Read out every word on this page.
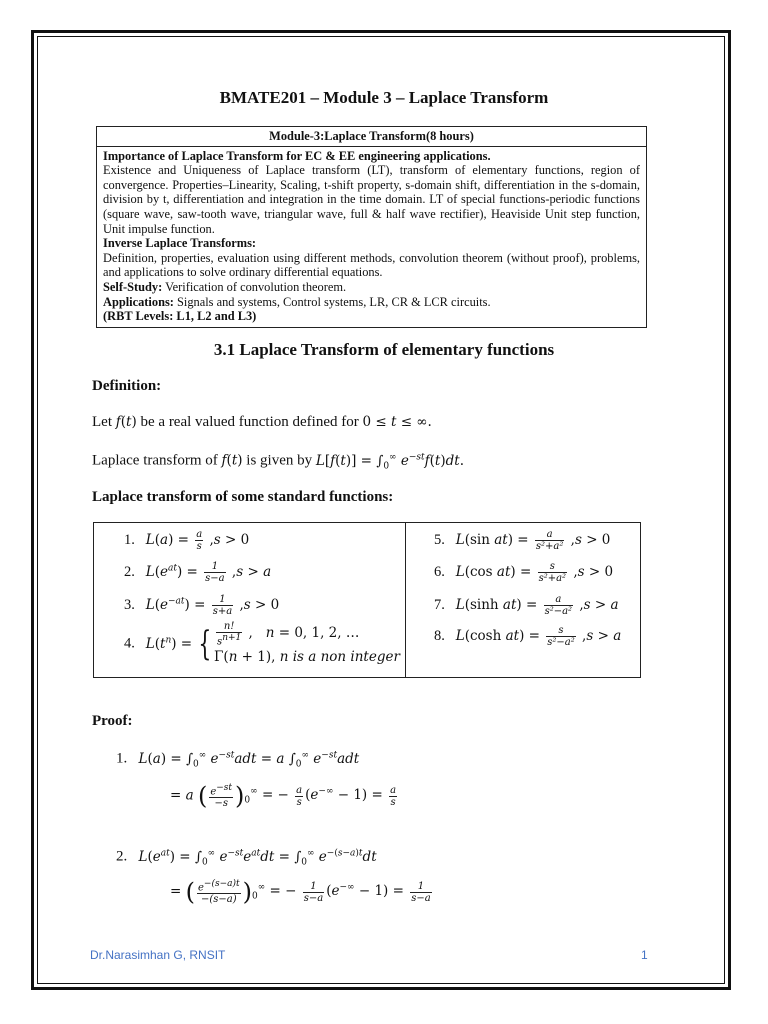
BMATE201 – Module 3 – Laplace Transform
Module-3:Laplace Transform(8 hours)

Importance of Laplace Transform for EC & EE engineering applications.

Existence and Uniqueness of Laplace transform (LT), transform of elementary functions, region of convergence. Properties–Linearity, Scaling, t-shift property, s-domain shift, differentiation in the s-domain, division by t, differentiation and integration in the time domain. LT of special functions-periodic functions (square wave, saw-tooth wave, triangular wave, full & half wave rectifier), Heaviside Unit step function, Unit impulse function.

Inverse Laplace Transforms:

Definition, properties, evaluation using different methods, convolution theorem (without proof), problems, and applications to solve ordinary differential equations.

Self-Study: Verification of convolution theorem.

Applications: Signals and systems, Control systems, LR, CR & LCR circuits.

(RBT Levels: L1, L2 and L3)

3.1 Laplace Transform of elementary functions
Definition:
Let f(t) be a real valued function defined for 0 ≤ t ≤ ∞.
Laplace transform of f(t) is given by $L[f(t)] = \int_0^\infty$ $e^{-st}f(t)dt$.
Laplace transform of some standard functions:
1.   $L(a) = \frac{a}{s} ,s > 0$
2.   $L(e^{at}) = \frac{1}{s-a} ,s > a$
3.   $L(e^{-at}) = \frac{1}{s+a} ,s > 0$
4.   $L(t^n)$ = { $\frac{n!}{s^{n+1}}$ ,   n = 0, 1, 2, …
Γ(n + 1), n is a non integer
5.   L(sin $at) = \frac{a}{\text{s²+a²}} ,s > 0$
6.   L(cos $at) = \frac{s}{\text{s²+a²}} ,s > 0$
7.   L(sinh $at) = \frac{a}{\text{s²−a²}} ,s > a$
8.   L(cosh $at) = \frac{s}{\text{s²−a²}} ,s > a$
Proof:
1.   $L(a) = \int_0^\infty$ $e^{-st}adt = a$ $\int_0^\infty$ $e^{-st}adt$
= a ( $\frac{e^{-st}}{-s} )_0^\infty$ = − $\frac{a}{s} (e^{-\infty} - 1) = \frac{a}{s}$
2.   $L(e^{at}) = \int_0^\infty$ $e^{-st}e^{at}dt = \int_0^\infty$ $e^{-(s-a)t}dt$
= ( $\frac{e^{-(s-a)t}}{-(s-a)} )_0^\infty$ = − $\frac{1}{s-a} (e^{-\infty} - 1) = \frac{1}{s-a}$
Dr.Narasimhan G, RNSIT	1
